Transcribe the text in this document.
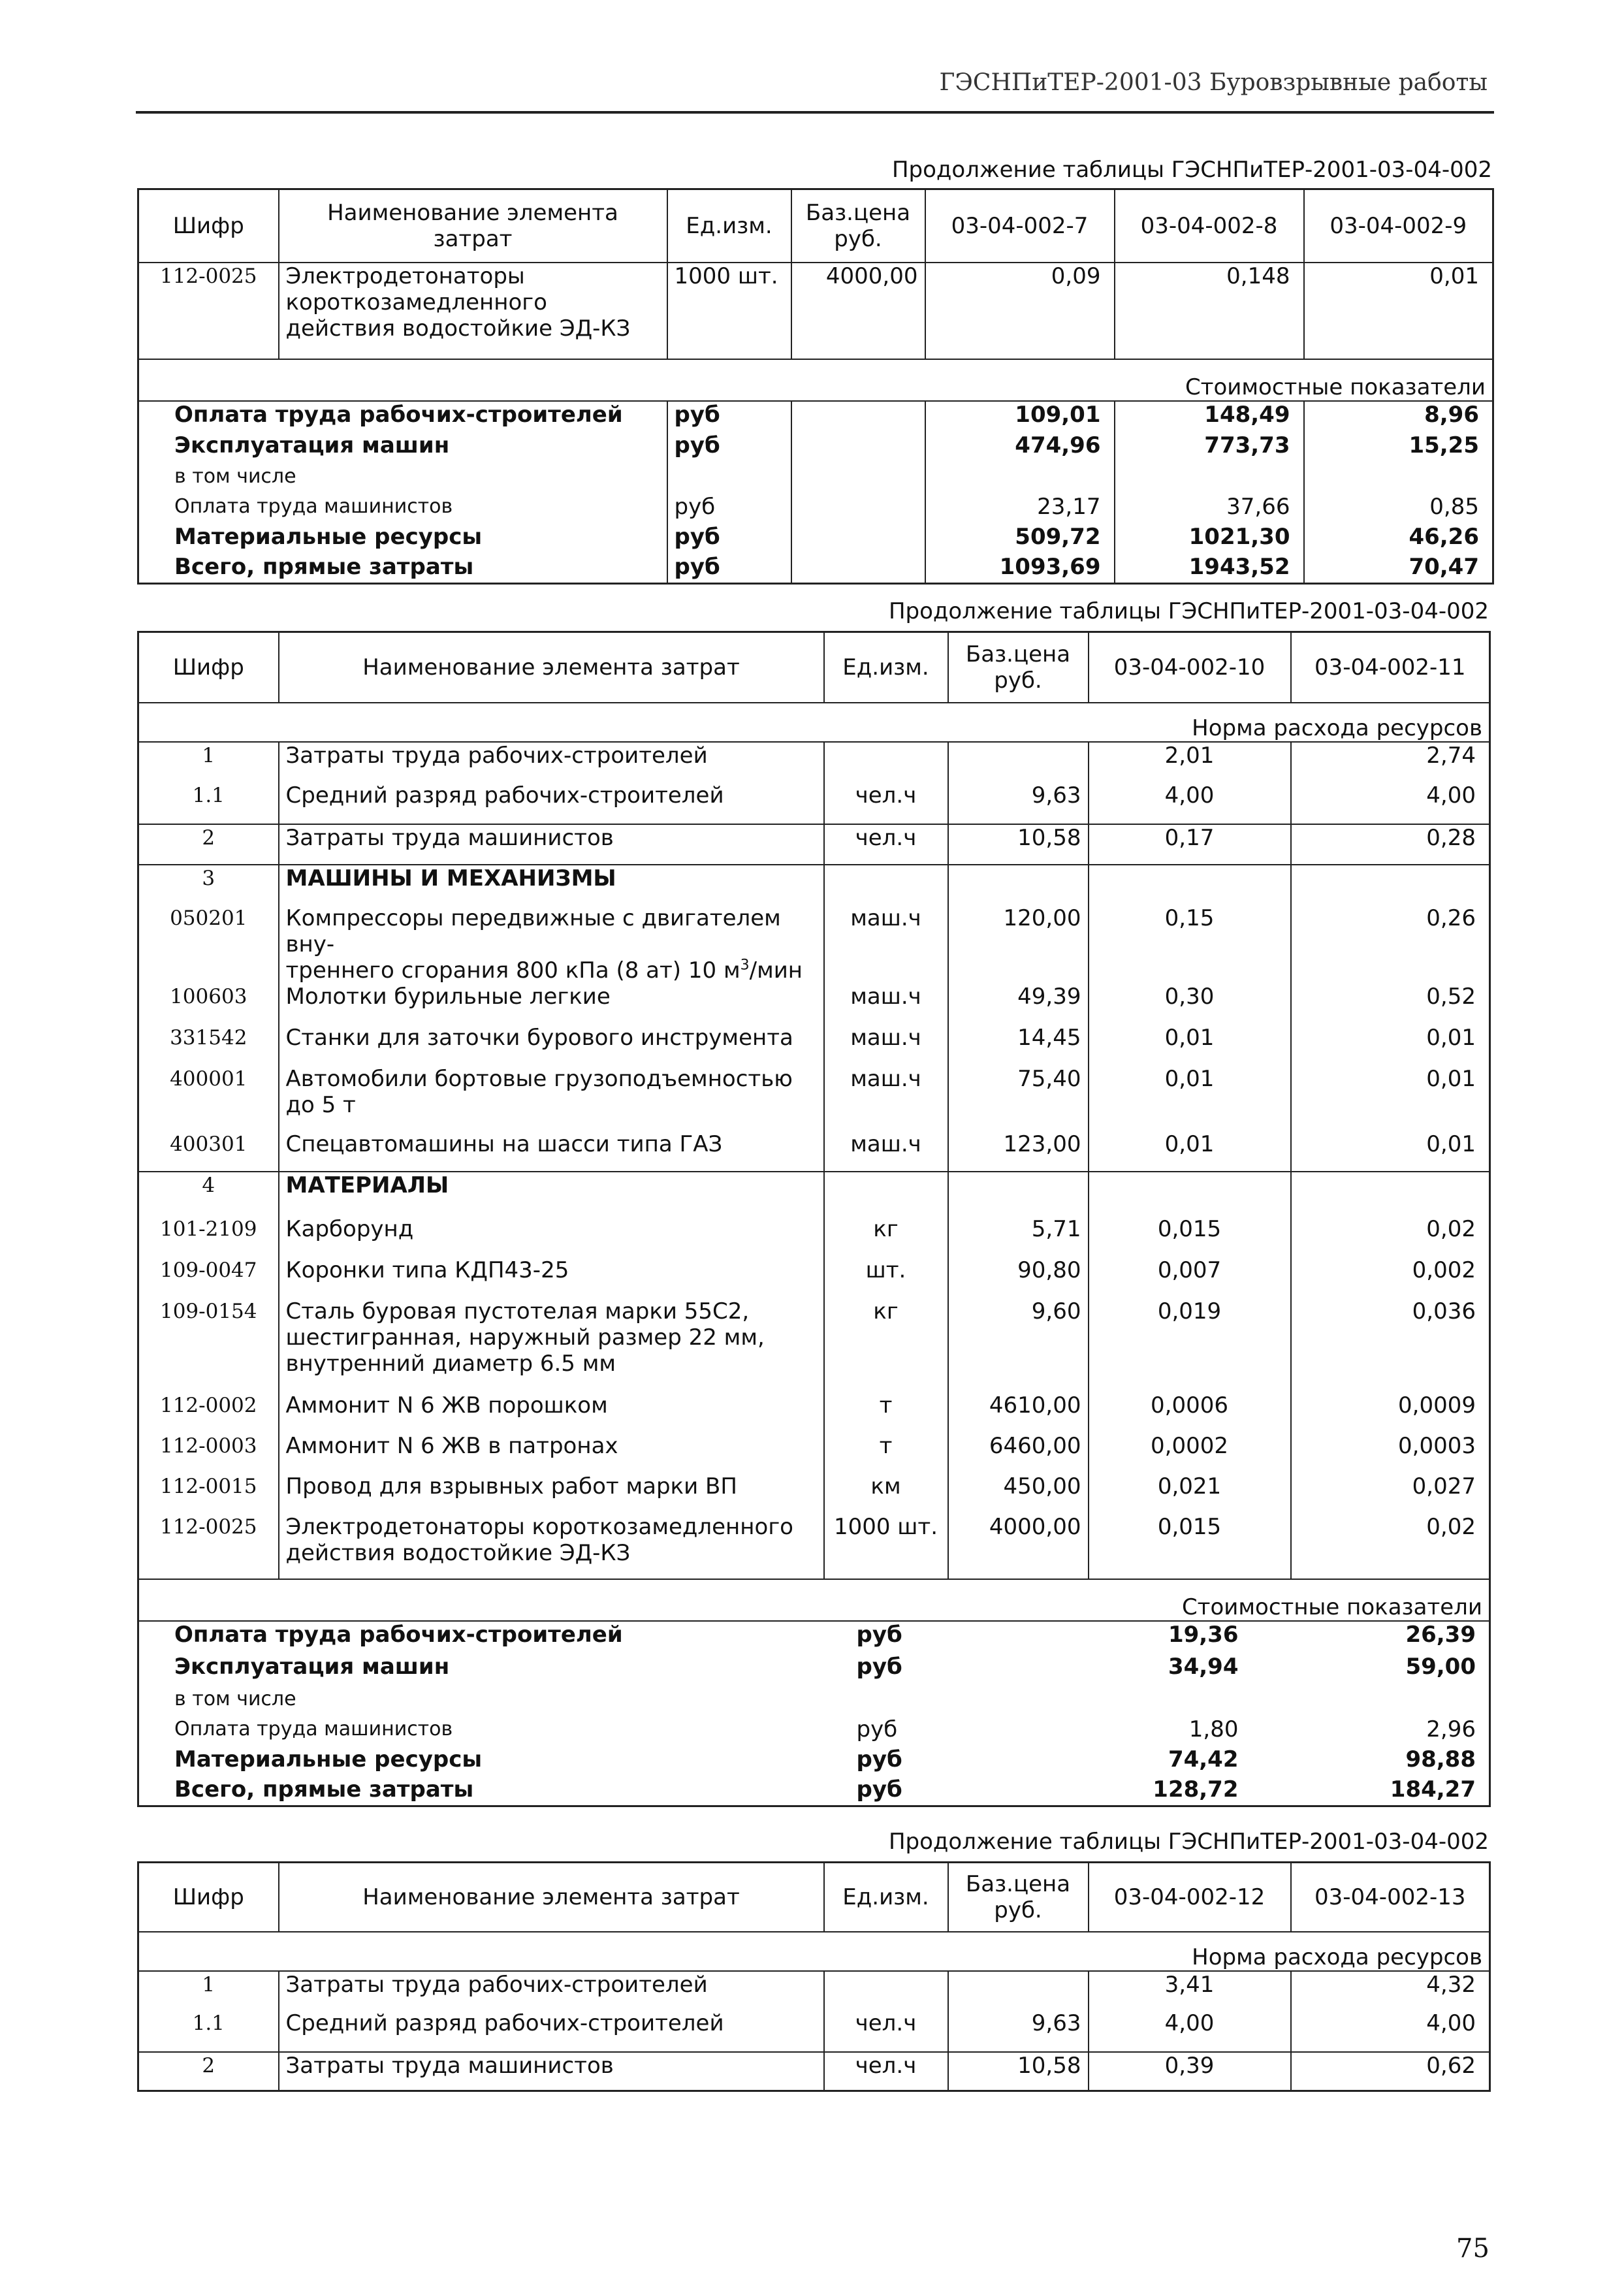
ГЭСНПиТЕР-2001-03 Буровзрывные работы
Продолжение таблицы ГЭСНПиТЕР-2001-03-04-002
Шифр	Наименование элемента затрат	Ед.изм.	Баз.цена руб.	03-04-002-7	03-04-002-8	03-04-002-9
112-0025	Электродетонаторы короткозамедленного действия водостойкие ЭД-КЗ	1000 шт.	4000,00	0,09	0,148	0,01
Стоимостные показатели						
Оплата труда рабочих-строителей		руб		109,01	148,49	8,96
Эксплуатация машин		руб		474,96	773,73	15,25
в том числе						
Оплата труда машинистов		руб		23,17	37,66	0,85
Материальные ресурсы		руб		509,72	1021,30	46,26
Всего, прямые затраты		руб		1093,69	1943,52	70,47
Продолжение таблицы ГЭСНПиТЕР-2001-03-04-002
Шифр	Наименование элемента затрат	Ед.изм.	Баз.цена руб.	03-04-002-10	03-04-002-11
Норма расхода ресурсов					
1	Затраты труда рабочих-строителей			2,01	2,74
1.1	Средний разряд рабочих-строителей	чел.ч	9,63	4,00	4,00
2	Затраты труда машинистов	чел.ч	10,58	0,17	0,28
3	МАШИНЫ И МЕХАНИЗМЫ				
050201	Компрессоры передвижные с двигателем вну-
треннего сгорания 800 кПа (8 ат) 10 $м^3$/мин	маш.ч	120,00	0,15	0,26
100603	Молотки бурильные легкие	маш.ч	49,39	0,30	0,52
331542	Станки для заточки бурового инструмента	маш.ч	14,45	0,01	0,01
400001	Автомобили бортовые грузоподъемностью до 5 т	маш.ч	75,40	0,01	0,01
400301	Спецавтомашины на шасси типа ГАЗ	маш.ч	123,00	0,01	0,01
4	МАТЕРИАЛЫ				
101-2109	Карборунд	кг	5,71	0,015	0,02
109-0047	Коронки типа КДП43-25	шт.	90,80	0,007	0,002
109-0154	Сталь буровая пустотелая марки 55С2, шестигранная, наружный размер 22 мм, внутренний диаметр 6.5 мм	кг	9,60	0,019	0,036
112-0002	Аммонит N 6 ЖВ порошком	т	4610,00	0,0006	0,0009
112-0003	Аммонит N 6 ЖВ в патронах	т	6460,00	0,0002	0,0003
112-0015	Провод для взрывных работ марки ВП	км	450,00	0,021	0,027
112-0025	Электродетонаторы короткозамедленного действия водостойкие ЭД-КЗ	1000 шт.	4000,00	0,015	0,02
Стоимостные показатели					
Оплата труда рабочих-строителей		руб		19,36	26,39
Эксплуатация машин		руб		34,94	59,00
в том числе					
Оплата труда машинистов		руб		1,80	2,96
Материальные ресурсы		руб		74,42	98,88
Всего, прямые затраты		руб		128,72	184,27
Продолжение таблицы ГЭСНПиТЕР-2001-03-04-002
Шифр	Наименование элемента затрат	Ед.изм.	Баз.цена руб.	03-04-002-12	03-04-002-13
Норма расхода ресурсов					
1	Затраты труда рабочих-строителей			3,41	4,32
1.1	Средний разряд рабочих-строителей	чел.ч	9,63	4,00	4,00
2	Затраты труда машинистов	чел.ч	10,58	0,39	0,62
75
